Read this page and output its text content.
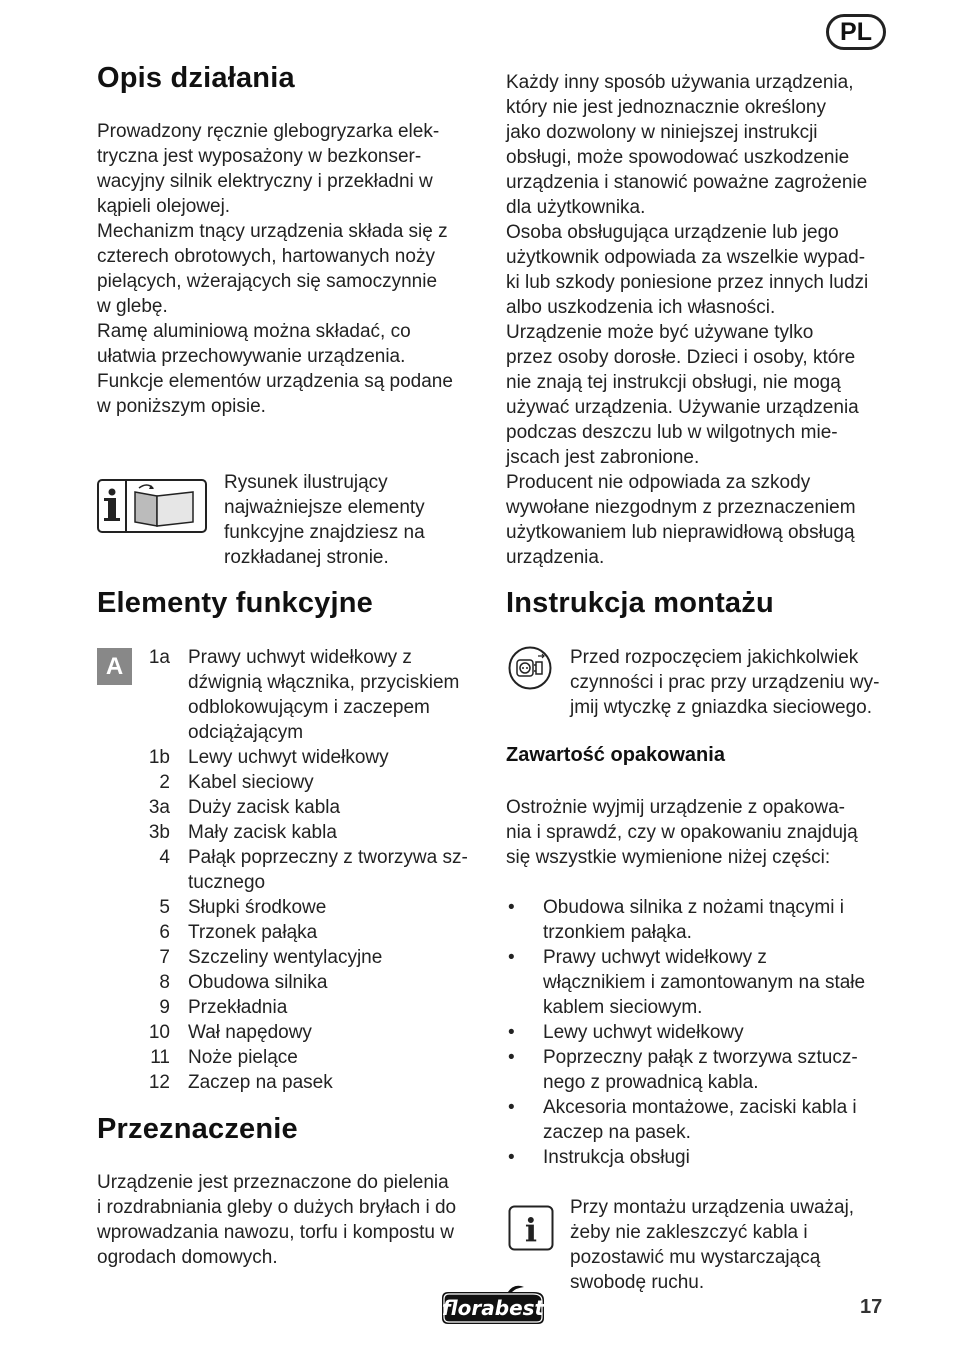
PL
Opis działania
Prowadzony ręcznie glebogryzarka elek-
tryczna jest wyposażony w bezkonser-
wacyjny silnik elektryczny i przekładni w
kąpieli olejowej.
Mechanizm tnący urządzenia składa się z
czterech obrotowych, hartowanych noży
pielących, wżerających się samoczynnie
w glebę.
Ramę aluminiową można składać, co
ułatwia przechowywanie urządzenia.
Funkcje elementów urządzenia są podane
w poniższym opisie.
Rysunek ilustrujący
najważniejsze elementy
funkcyjne znajdziesz na
rozkładanej stronie.
Elementy funkcyjne
A	1a Prawy uchwyt widełkowy z
dźwignią włącznika, przyciskiem
odblokowującym i zaczepem
odciążającym
1b Lewy uchwyt widełkowy
2 Kabel sieciowy
3a Duży zacisk kabla
3b Mały zacisk kabla
4 Pałąk poprzeczny z tworzywa sz-
tucznego
5 Słupki środkowe
6 Trzonek pałąka
7 Szczeliny wentylacyjne
8 Obudowa silnika
9 Przekładnia
10 Wał napędowy
11 Noże pielące
12 Zaczep na pasek
Przeznaczenie
Urządzenie jest przeznaczone do pielenia
i rozdrabniania gleby o dużych bryłach i do
wprowadzania nawozu, torfu i kompostu w
ogrodach domowych.
Każdy inny sposób używania urządzenia,
który nie jest jednoznacznie określony
jako dozwolony w niniejszej instrukcji
obsługi, może spowodować uszkodzenie
urządzenia i stanowić poważne zagrożenie
dla użytkownika.
Osoba obsługująca urządzenie lub jego
użytkownik odpowiada za wszelkie wypad-
ki lub szkody poniesione przez innych ludzi
albo uszkodzenia ich własności.
Urządzenie może być używane tylko
przez osoby dorosłe. Dzieci i osoby, które
nie znają tej instrukcji obsługi, nie mogą
używać urządzenia. Używanie urządzenia
podczas deszczu lub w wilgotnych mie-
jscach jest zabronione.
Producent nie odpowiada za szkody
wywołane niezgodnym z przeznaczeniem
użytkowaniem lub nieprawidłową obsługą
urządzenia.
Instrukcja montażu
Przed rozpoczęciem jakichkolwiek
czynności i prac przy urządzeniu wy-
jmij wtyczkę z gniazdka sieciowego.
Zawartość opakowania
Ostrożnie wyjmij urządzenie z opakowa-
nia i sprawdź, czy w opakowaniu znajdują
się wszystkie wymienione niżej części:
•	Obudowa silnika z nożami tnącymi i
trzonkiem pałąka.
•	Prawy uchwyt widełkowy z
włącznikiem i zamontowanym na stałe
kablem sieciowym.
•	Lewy uchwyt widełkowy
•	Poprzeczny pałąk z tworzywa sztucz-
nego z prowadnicą kabla.
•	Akcesoria montażowe, zaciski kabla i
zaczep na pasek.
•	Instrukcja obsługi
i
Przy montażu urządzenia uważaj,
żeby nie zakleszczyć kabla i
pozostawić mu wystarczającą
swobodę ruchu.
florabest	17
